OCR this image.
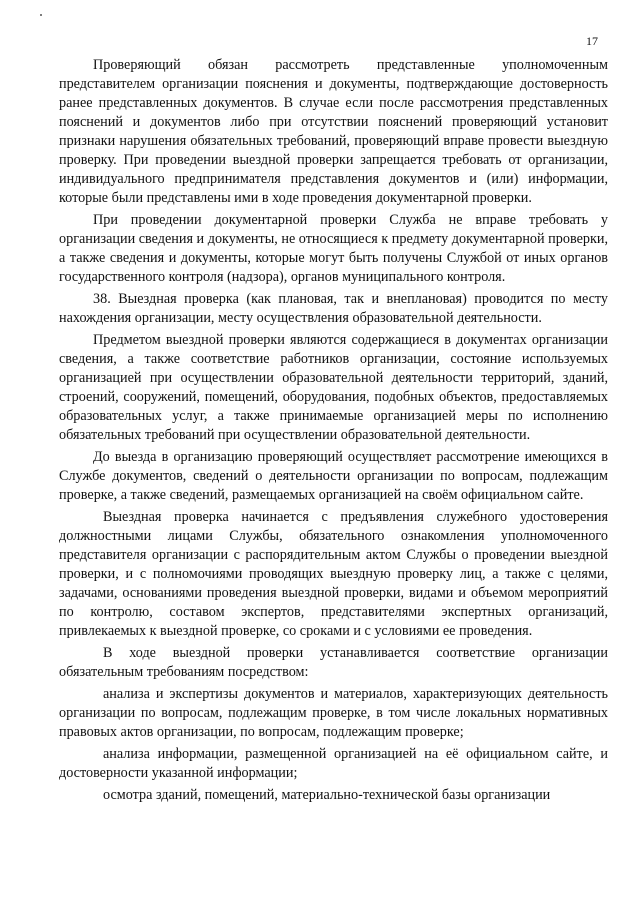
17

Проверяющий обязан рассмотреть представленные уполномоченным представителем организации пояснения и документы, подтверждающие достоверность ранее представленных документов. В случае если после рассмотрения представленных пояснений и документов либо при отсутствии пояснений проверяющий установит признаки нарушения обязательных требований, проверяющий вправе провести выездную проверку. При проведении выездной проверки запрещается требовать от организации, индивидуального предпринимателя представления документов и (или) информации, которые были представлены ими в ходе проведения документарной проверки.

При проведении документарной проверки Служба не вправе требовать у организации сведения и документы, не относящиеся к предмету документарной проверки, а также сведения и документы, которые могут быть получены Службой от иных органов государственного контроля (надзора), органов муниципального контроля.

38. Выездная проверка (как плановая, так и внеплановая) проводится по месту нахождения организации, месту осуществления образовательной деятельности.

Предметом выездной проверки являются содержащиеся в документах организации сведения, а также соответствие работников организации, состояние используемых организацией при осуществлении образовательной деятельности территорий, зданий, строений, сооружений, помещений, оборудования, подобных объектов, предоставляемых образовательных услуг, а также принимаемые организацией меры по исполнению обязательных требований при осуществлении образовательной деятельности.

До выезда в организацию проверяющий осуществляет рассмотрение имеющихся в Службе документов, сведений о деятельности организации по вопросам, подлежащим проверке, а также сведений, размещаемых организацией на своём официальном сайте.

Выездная проверка начинается с предъявления служебного удостоверения должностными лицами Службы, обязательного ознакомления уполномоченного представителя организации с распорядительным актом Службы о проведении выездной проверки, и с полномочиями проводящих выездную проверку лиц, а также с целями, задачами, основаниями проведения выездной проверки, видами и объемом мероприятий по контролю, составом экспертов, представителями экспертных организаций, привлекаемых к выездной проверке, со сроками и с условиями ее проведения.

В ходе выездной проверки устанавливается соответствие организации обязательным требованиям посредством:

анализа и экспертизы документов и материалов, характеризующих деятельность организации по вопросам, подлежащим проверке, в том числе локальных нормативных правовых актов организации, по вопросам, подлежащим проверке;

анализа информации, размещенной организацией на её официальном сайте, и достоверности указанной информации;

осмотра зданий, помещений, материально-технической базы организации
